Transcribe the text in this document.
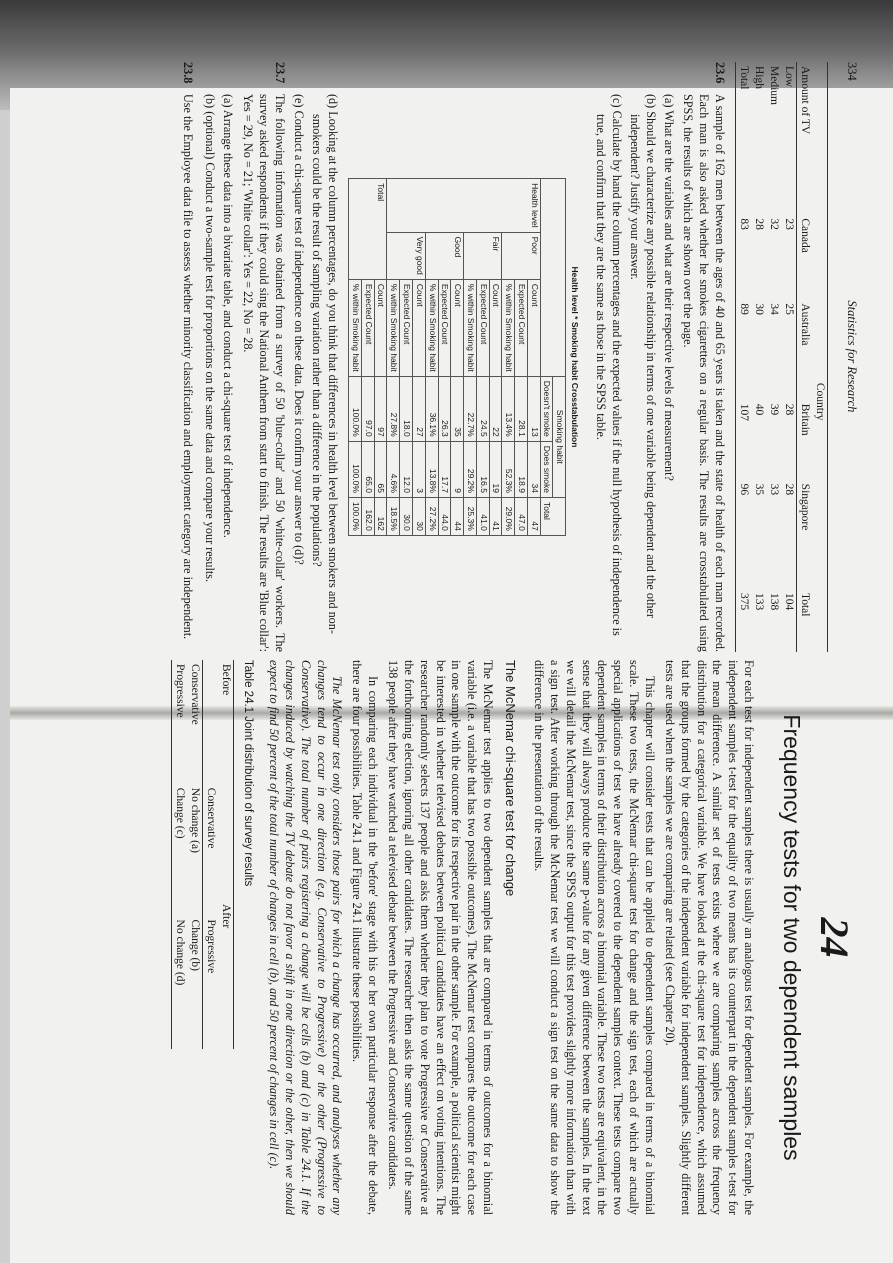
334
Statistics for Research
	Country				
Amount of TV	Canada	Australia	Britain	Singapore	Total
Low	23	25	28	28	104
Medium	32	34	39	33	138
High	28	30	40	35	133
Total	83	89	107	96	375
23.6

A sample of 162 men between the ages of 40 and 65 years is taken and the state of health of each man recorded. Each man is also asked whether he smokes cigarettes on a regular basis. The results are crosstabulated using SPSS, the results of which are shown over the page.

(a) What are the variables and what are their respective levels of measurement?
(b) Should we characterize any possible relationship in terms of one variable being dependent and the other independent? Justify your answer.
(c) Calculate by hand the column percentages and the expected values if the null hypothesis of independence is true, and confirm that they are the same as those in the SPSS table.
Health level * Smoking habit Crosstabulation
			Smoking habit		Total
			Doesn't smoke	Does smoke	
Health level	Poor	Count	13	34	47
		Expected Count	28.1	18.9	47.0
		% within Smoking habit	13.4%	52.3%	29.0%
	Fair	Count	22	19	41
		Expected Count	24.5	16.5	41.0
		% within Smoking habit	22.7%	29.2%	25.3%
	Good	Count	35	9	44
		Expected Count	26.3	17.7	44.0
		% within Smoking habit	36.1%	13.8%	27.2%
	Very good	Count	27	3	30
		Expected Count	18.0	12.0	30.0
		% within Smoking habit	27.8%	4.6%	18.5%
Total		Count	97	65	162
		Expected Count	97.0	65.0	162.0
		% within Smoking habit	100.0%	100.0%	100.0%
(d) Looking at the column percentages, do you think that differences in health level between smokers and non-smokers could be the result of sampling variation rather than a difference in the populations?
(e) Conduct a chi-square test of independence on these data. Does it confirm your answer to (d)?
23.7

The following information was obtained from a survey of 50 'blue-collar' and 50 'white-collar' workers. The survey asked respondents if they could sing the National Anthem from start to finish. The results are 'Blue collar': Yes = 29, No = 21; 'White collar': Yes = 22, No = 28.

(a) Arrange these data into a bivariate table, and conduct a chi-square test of independence.
(b) (optional) Conduct a two-sample test for proportions on the same data and compare your results.
23.8

Use the Employee data file to assess whether minority classification and employment category are independent.

24
Frequency tests for two dependent samples

For each test for independent samples there is usually an analogous test for dependent samples. For example, the independent samples t-test for the equality of two means has its counterpart in the dependent samples t-test for the mean difference. A similar set of tests exists where we are comparing samples across the frequency distribution for a categorical variable. We have looked at the chi-square test for independence, which assumed that the groups formed by the categories of the independent variable for independent samples. Slightly different tests are used when the samples we are comparing are related (see Chapter 20).

This chapter will consider tests that can be applied to dependent samples compared in terms of a binomial scale. These two tests, the McNemar chi-square test for change and the sign test, each of which are actually special applications of test we have already covered to the dependent samples context. These tests compare two dependent samples in terms of their distribution across a binomial variable. These two tests are equivalent, in the sense that they will always produce the same p-value for any given difference between the samples. In the text we will detail the McNemar test, since the SPSS output for this test provides slightly more information than with a sign test. After working through the McNemar test we will conduct a sign test on the same data to show the difference in the presentation of the results.

The McNemar chi-square test for change

The McNemar test applies to two dependent samples that are compared in terms of outcomes for a binomial variable (i.e. a variable that has two possible outcomes). The McNemar test compares the outcome for each case in one sample with the outcome for its respective pair in the other sample. For example, a political scientist might be interested in whether televised debates between political candidates have an effect on voting intentions. The researcher randomly selects 137 people and asks them whether they plan to vote Progressive or Conservative at the forthcoming election, ignoring all other candidates. The researcher then asks the same question of the same 138 people after they have watched a televised debate between the Progressive and Conservative candidates.

In comparing each individual in the 'before' stage with his or her own particular response after the debate, there are four possibilities. Table 24.1 and Figure 24.1 illustrate these possibilities.

The McNemar test only considers those pairs for which a change has occurred, and analyses whether any changes tend to occur in one direction (e.g. Conservative to Progressive) or the other (Progressive to Conservative). The total number of pairs registering a change will be cells (b) and (c) in Table 24.1. If the changes induced by watching the TV debate do not favor a shift in one direction or the other, then we should expect to find 50 percent of the total number of changes in cell (b), and 50 percent of changes in cell (c).

Table 24.1 Joint distribution of survey results
Before	After	
	Conservative	Progressive
Conservative	No change (a)	Change (b)
Progressive	Change (c)	No change (d)
